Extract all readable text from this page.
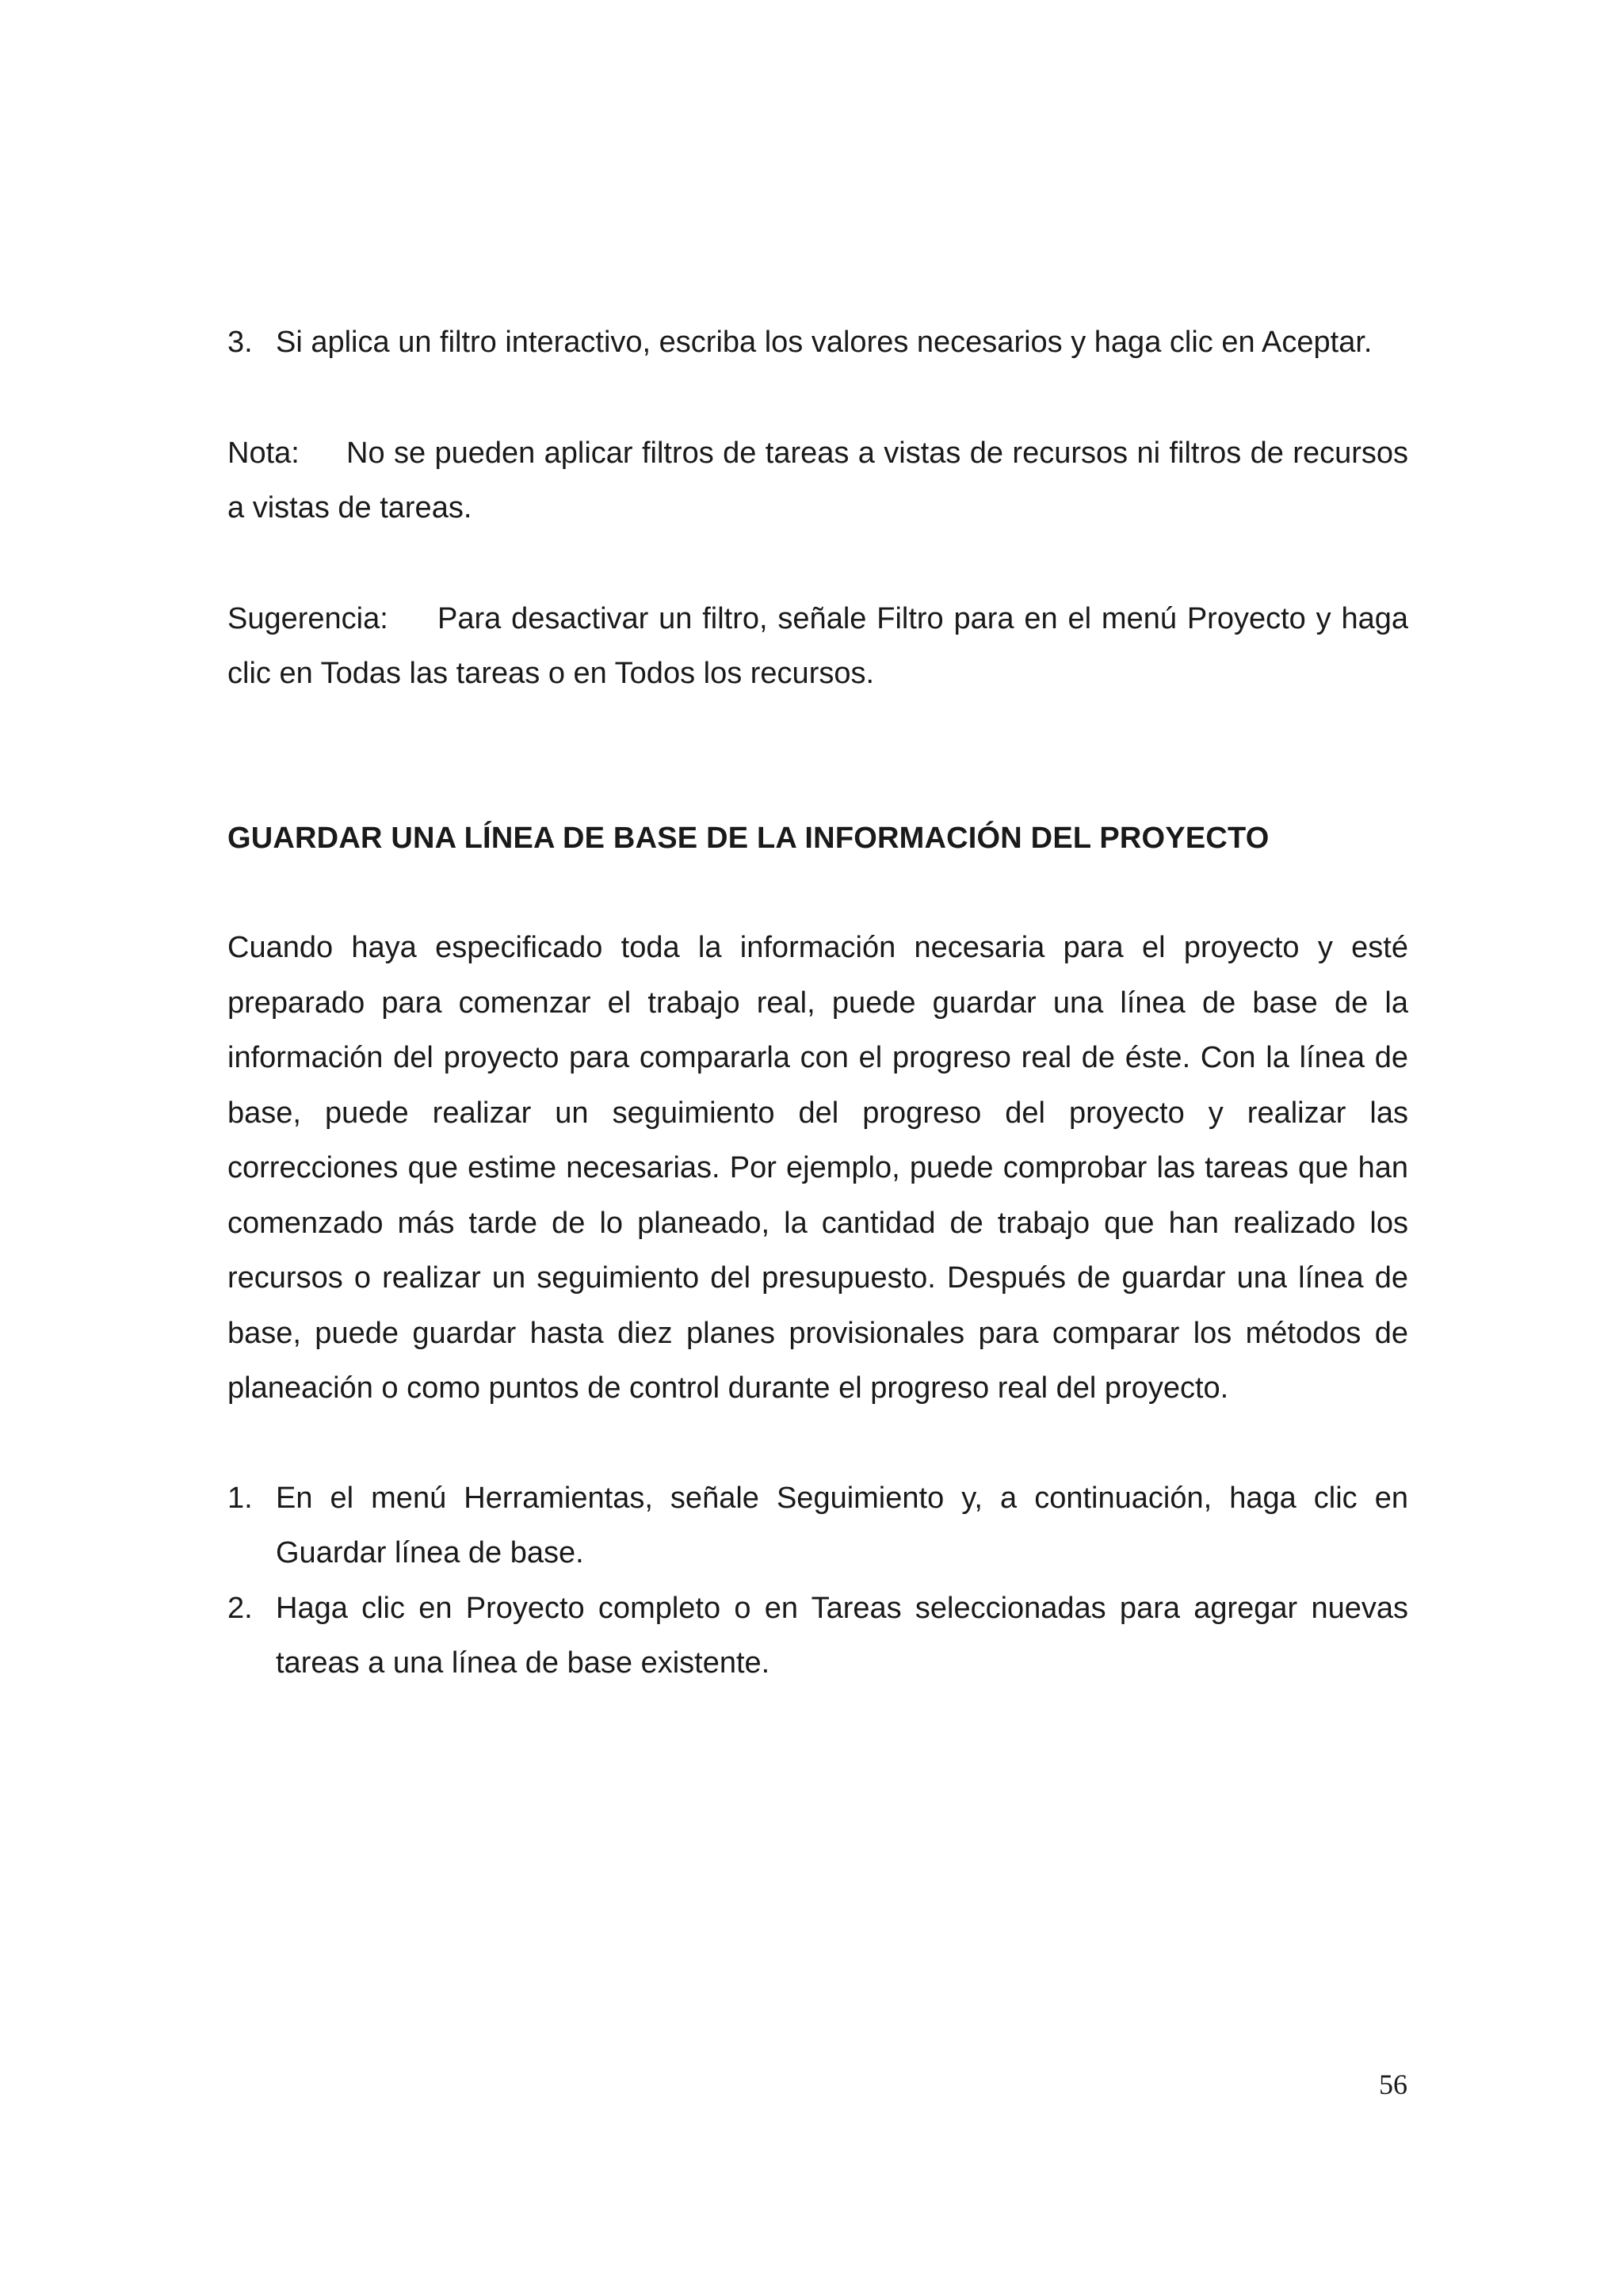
3. Si aplica un filtro interactivo, escriba los valores necesarios y haga clic en Aceptar.
Nota: No se pueden aplicar filtros de tareas a vistas de recursos ni filtros de recursos a vistas de tareas.
Sugerencia: Para desactivar un filtro, señale Filtro para en el menú Proyecto y haga clic en Todas las tareas o en Todos los recursos.
GUARDAR UNA LÍNEA DE BASE DE LA INFORMACIÓN DEL PROYECTO
Cuando haya especificado toda la información necesaria para el proyecto y esté preparado para comenzar el trabajo real, puede guardar una línea de base de la información del proyecto para compararla con el progreso real de éste. Con la línea de base, puede realizar un seguimiento del progreso del proyecto y realizar las correcciones que estime necesarias. Por ejemplo, puede comprobar las tareas que han comenzado más tarde de lo planeado, la cantidad de trabajo que han realizado los recursos o realizar un seguimiento del presupuesto. Después de guardar una línea de base, puede guardar hasta diez planes provisionales para comparar los métodos de planeación o como puntos de control durante el progreso real del proyecto.
1. En el menú Herramientas, señale Seguimiento y, a continuación, haga clic en Guardar línea de base.
2. Haga clic en Proyecto completo o en Tareas seleccionadas para agregar nuevas tareas a una línea de base existente.
56
